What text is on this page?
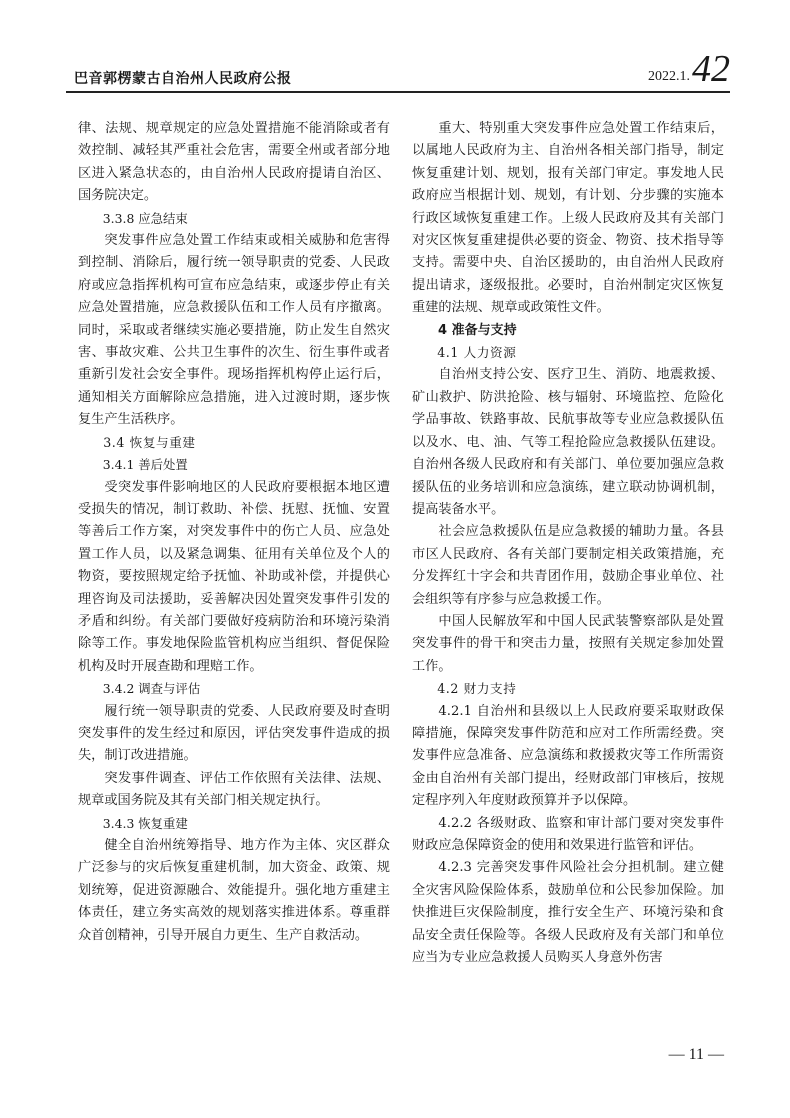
巴音郭楞蒙古自治州人民政府公报	2022.1. 42

律、法规、规章规定的应急处置措施不能消除或者有效控制、减轻其严重社会危害，需要全州或者部分地区进入紧急状态的，由自治州人民政府提请自治区、国务院决定。

3.3.8 应急结束

突发事件应急处置工作结束或相关威胁和危害得到控制、消除后，履行统一领导职责的党委、人民政府或应急指挥机构可宣布应急结束，或逐步停止有关应急处置措施，应急救援队伍和工作人员有序撤离。同时，采取或者继续实施必要措施，防止发生自然灾害、事故灾难、公共卫生事件的次生、衍生事件或者重新引发社会安全事件。现场指挥机构停止运行后，通知相关方面解除应急措施，进入过渡时期，逐步恢复生产生活秩序。

3.4 恢复与重建

3.4.1 善后处置

受突发事件影响地区的人民政府要根据本地区遭受损失的情况，制订救助、补偿、抚慰、抚恤、安置等善后工作方案，对突发事件中的伤亡人员、应急处置工作人员，以及紧急调集、征用有关单位及个人的物资，要按照规定给予抚恤、补助或补偿，并提供心理咨询及司法援助，妥善解决因处置突发事件引发的矛盾和纠纷。有关部门要做好疫病防治和环境污染消除等工作。事发地保险监管机构应当组织、督促保险机构及时开展查勘和理赔工作。

3.4.2 调查与评估

履行统一领导职责的党委、人民政府要及时查明突发事件的发生经过和原因，评估突发事件造成的损失，制订改进措施。

突发事件调查、评估工作依照有关法律、法规、规章或国务院及其有关部门相关规定执行。

3.4.3 恢复重建

健全自治州统筹指导、地方作为主体、灾区群众广泛参与的灾后恢复重建机制，加大资金、政策、规划统筹，促进资源融合、效能提升。强化地方重建主体责任，建立务实高效的规划落实推进体系。尊重群众首创精神，引导开展自力更生、生产自救活动。

重大、特别重大突发事件应急处置工作结束后，以属地人民政府为主、自治州各相关部门指导，制定恢复重建计划、规划，报有关部门审定。事发地人民政府应当根据计划、规划，有计划、分步骤的实施本行政区域恢复重建工作。上级人民政府及其有关部门对灾区恢复重建提供必要的资金、物资、技术指导等支持。需要中央、自治区援助的，由自治州人民政府提出请求，逐级报批。必要时，自治州制定灾区恢复重建的法规、规章或政策性文件。

4 准备与支持

4.1 人力资源

自治州支持公安、医疗卫生、消防、地震救援、矿山救护、防洪抢险、核与辐射、环境监控、危险化学品事故、铁路事故、民航事故等专业应急救援队伍以及水、电、油、气等工程抢险应急救援队伍建设。自治州各级人民政府和有关部门、单位要加强应急救援队伍的业务培训和应急演练，建立联动协调机制，提高装备水平。

社会应急救援队伍是应急救援的辅助力量。各县市区人民政府、各有关部门要制定相关政策措施，充分发挥红十字会和共青团作用，鼓励企事业单位、社会组织等有序参与应急救援工作。

中国人民解放军和中国人民武装警察部队是处置突发事件的骨干和突击力量，按照有关规定参加处置工作。

4.2 财力支持

4.2.1 自治州和县级以上人民政府要采取财政保障措施，保障突发事件防范和应对工作所需经费。突发事件应急准备、应急演练和救援救灾等工作所需资金由自治州有关部门提出，经财政部门审核后，按规定程序列入年度财政预算并予以保障。

4.2.2 各级财政、监察和审计部门要对突发事件财政应急保障资金的使用和效果进行监管和评估。

4.2.3 完善突发事件风险社会分担机制。建立健全灾害风险保险体系，鼓励单位和公民参加保险。加快推进巨灾保险制度，推行安全生产、环境污染和食品安全责任保险等。各级人民政府及有关部门和单位应当为专业应急救援人员购买人身意外伤害

— 11 —
